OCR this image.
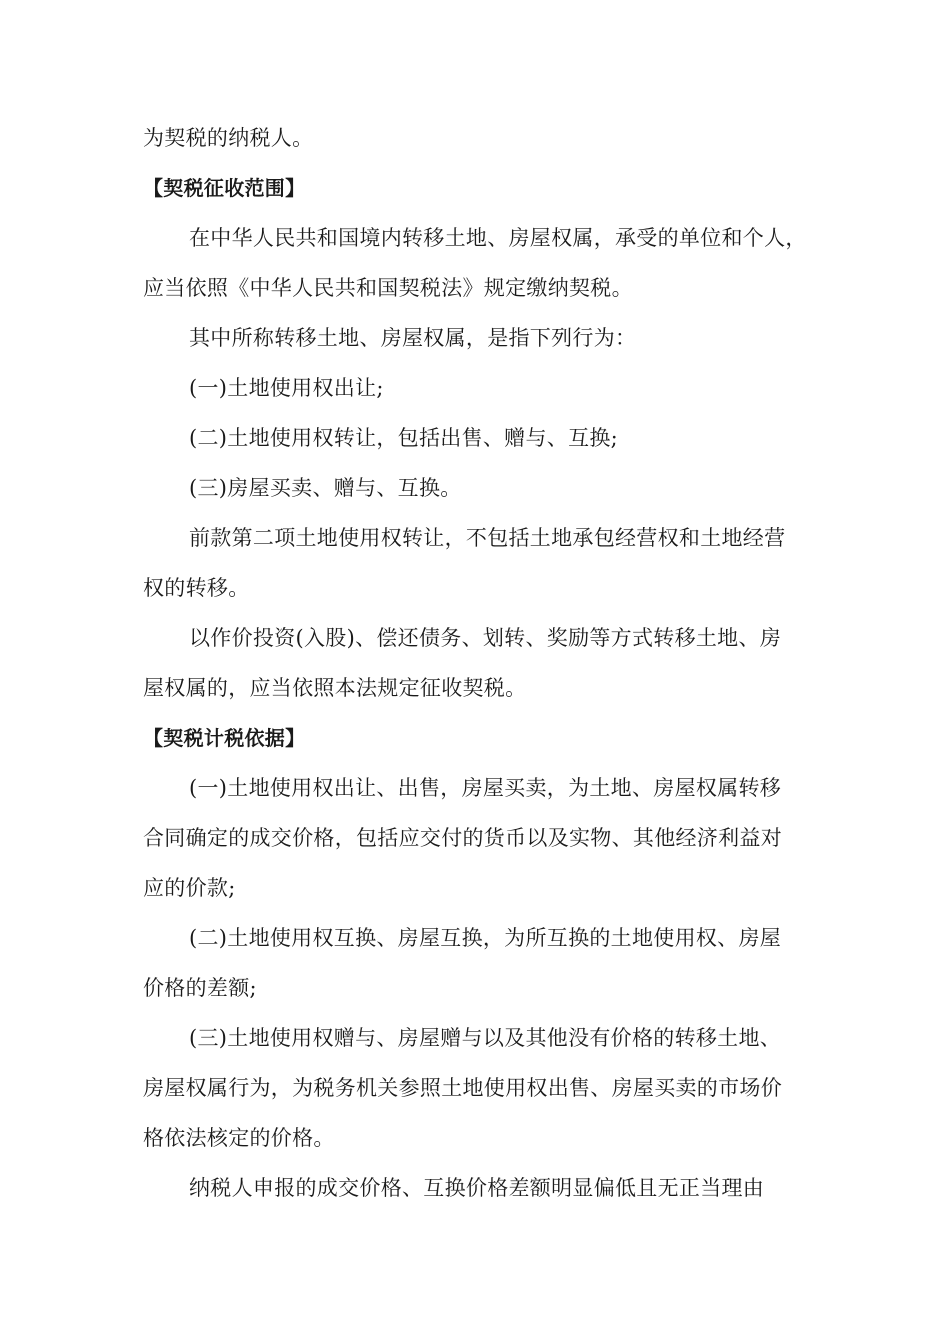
为契税的纳税人。
【契税征收范围】
在中华人民共和国境内转移土地、房屋权属，承受的单位和个人，
应当依照《中华人民共和国契税法》规定缴纳契税。
其中所称转移土地、房屋权属，是指下列行为：
(一)土地使用权出让;
(二)土地使用权转让，包括出售、赠与、互换;
(三)房屋买卖、赠与、互换。
前款第二项土地使用权转让，不包括土地承包经营权和土地经营
权的转移。
以作价投资(入股)、偿还债务、划转、奖励等方式转移土地、房
屋权属的，应当依照本法规定征收契税。
【契税计税依据】
(一)土地使用权出让、出售，房屋买卖，为土地、房屋权属转移
合同确定的成交价格，包括应交付的货币以及实物、其他经济利益对
应的价款;
(二)土地使用权互换、房屋互换，为所互换的土地使用权、房屋
价格的差额;
(三)土地使用权赠与、房屋赠与以及其他没有价格的转移土地、
房屋权属行为，为税务机关参照土地使用权出售、房屋买卖的市场价
格依法核定的价格。
纳税人申报的成交价格、互换价格差额明显偏低且无正当理由
